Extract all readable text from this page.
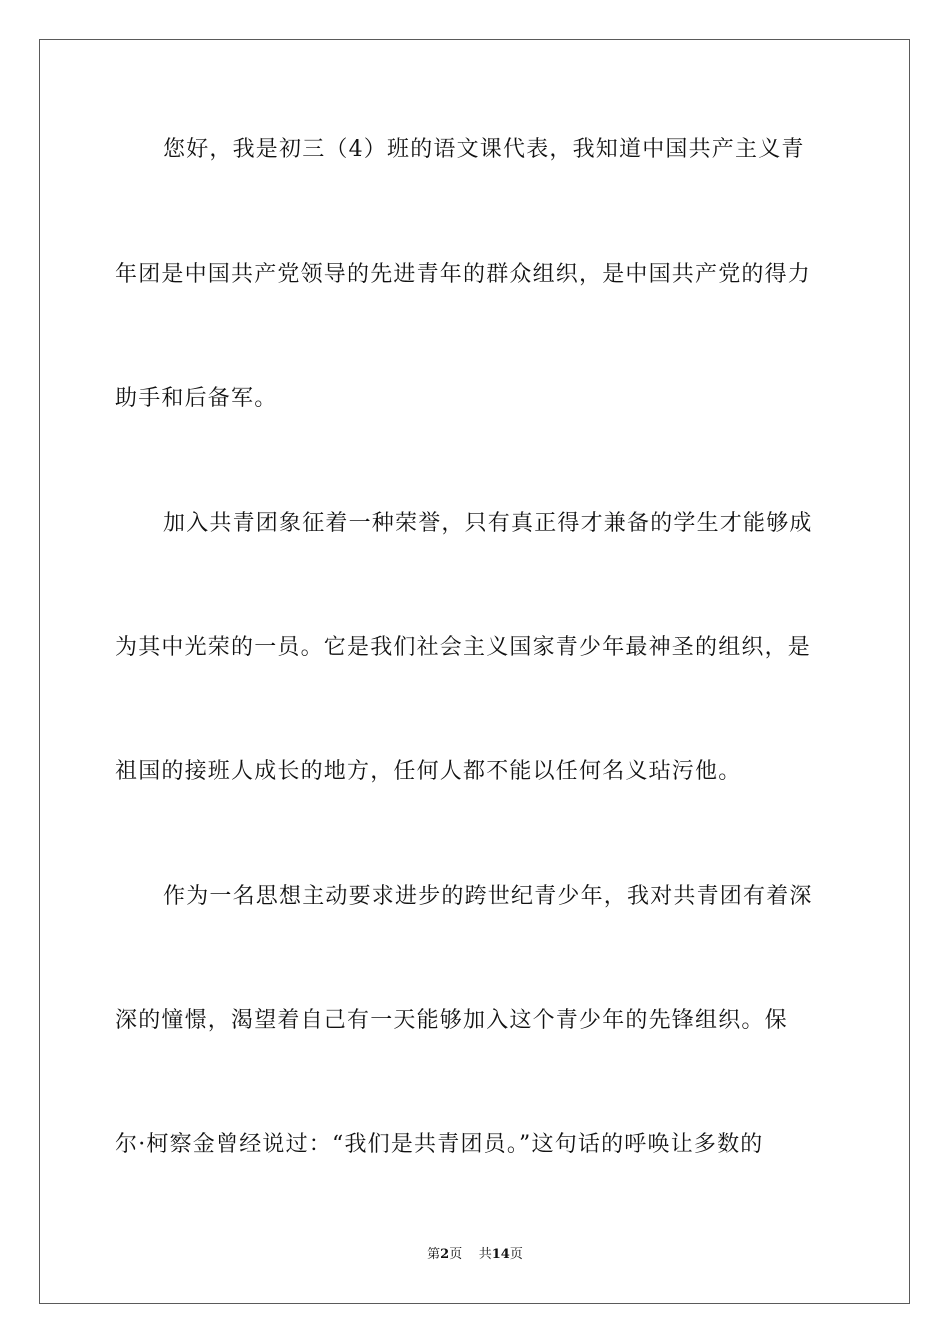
您好，我是初三（4）班的语文课代表，我知道中国共产主义青
年团是中国共产党领导的先进青年的群众组织，是中国共产党的得力
助手和后备军。
加入共青团象征着一种荣誉，只有真正得才兼备的学生才能够成
为其中光荣的一员。它是我们社会主义国家青少年最神圣的组织，是
祖国的接班人成长的地方，任何人都不能以任何名义玷污他。
作为一名思想主动要求进步的跨世纪青少年，我对共青团有着深
深的憧憬，渴望着自己有一天能够加入这个青少年的先锋组织。保
尔·柯察金曾经说过：“我们是共青团员。”这句话的呼唤让多数的
第2页 共14页
